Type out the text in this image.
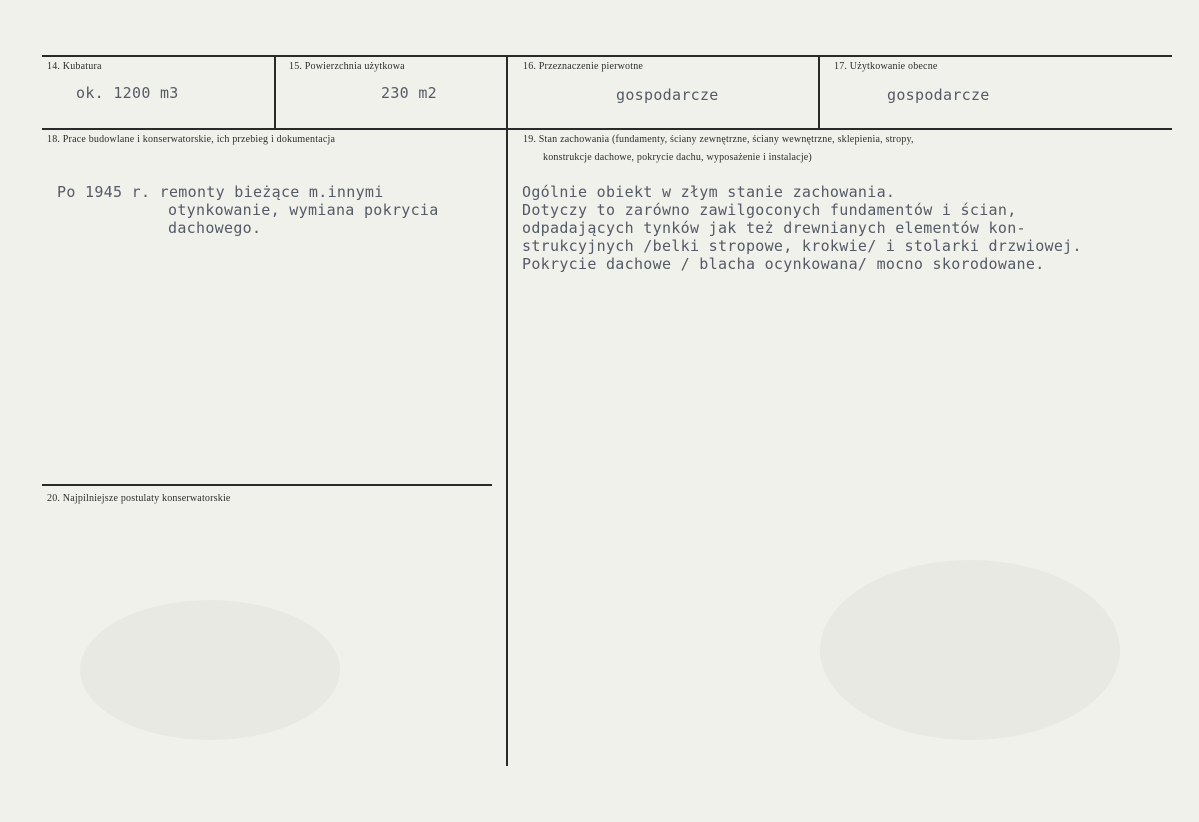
14. Kubatura	15. Powierzchnia użytkowa	16. Przeznaczenie pierwotne	17. Użytkowanie obecne
ok. 1200 m3	230 m2	gospodarcze	gospodarcze
18. Prace budowlane i konserwatorskie, ich przebieg i dokumentacja	19. Stan zachowania (fundamenty, ściany zewnętrzne, ściany wewnętrzne, sklepienia, stropy,
konstrukcje dachowe, pokrycie dachu, wyposażenie i instalacje)
Po 1945 r. remonty bieżące m.innymi
otynkowanie, wymiana pokrycia
dachowego.
Ogólnie obiekt w złym stanie zachowania.
Dotyczy to zarówno zawilgoconych fundamentów i ścian,
odpadających tynków jak też drewnianych elementów kon-
strukcyjnych /belki stropowe, krokwie/ i stolarki drzwiowej.
Pokrycie dachowe / blacha ocynkowana/ mocno skorodowane.
20. Najpilniejsze postulaty konserwatorskie
